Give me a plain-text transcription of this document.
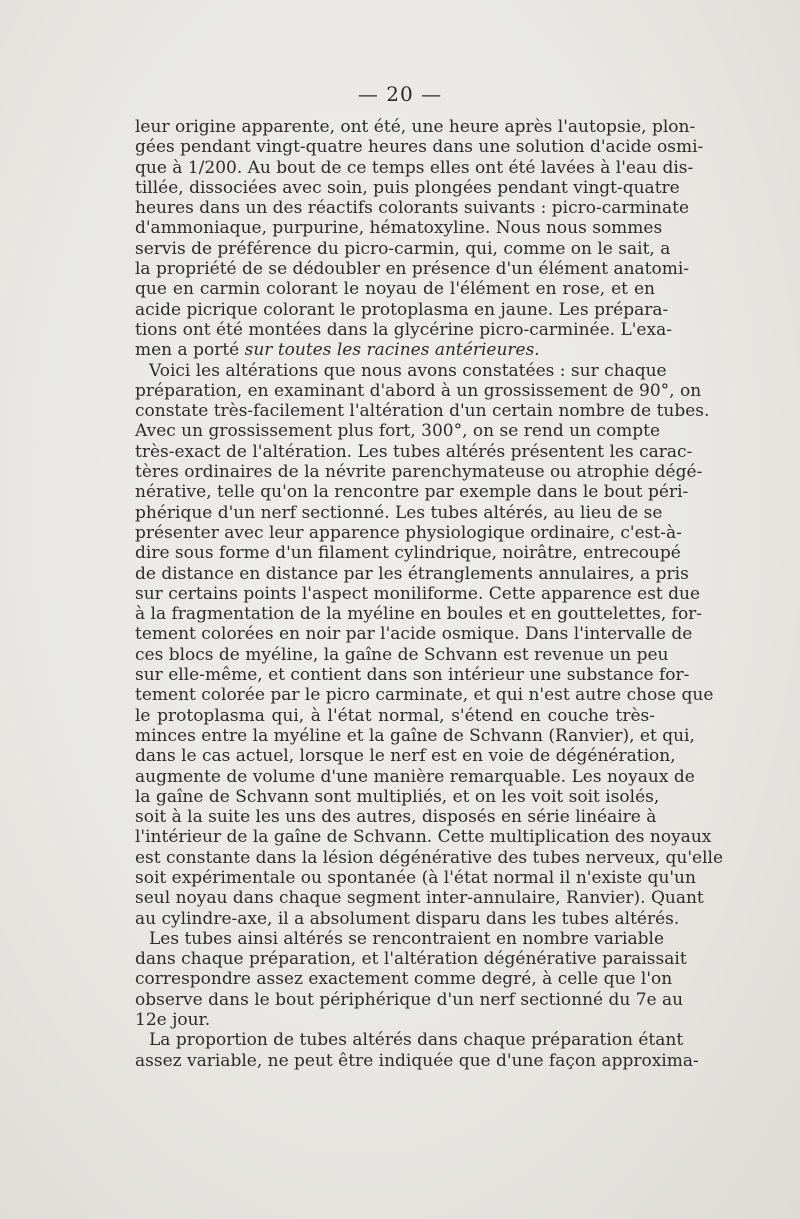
— 20 —
leur origine apparente, ont été, une heure après l'autopsie, plon-
gées pendant vingt-quatre heures dans une solution d'acide osmi-
que à 1/200. Au bout de ce temps elles ont été lavées à l'eau dis-
tillée, dissociées avec soin, puis plongées pendant vingt-quatre
heures dans un des réactifs colorants suivants : picro-carminate
d'ammoniaque, purpurine, hématoxyline. Nous nous sommes
servis de préférence du picro-carmin, qui, comme on le sait, a
la propriété de se dédoubler en présence d'un élément anatomi-
que en carmin colorant le noyau de l'élément en rose, et en
acide picrique colorant le protoplasma en jaune. Les prépara-
tions ont été montées dans la glycérine picro-carminée. L'exa-
men a porté sur toutes les racines antérieures.
Voici les altérations que nous avons constatées : sur chaque
préparation, en examinant d'abord à un grossissement de 90°, on
constate très-facilement l'altération d'un certain nombre de tubes.
Avec un grossissement plus fort, 300°, on se rend un compte
très-exact de l'altération. Les tubes altérés présentent les carac-
tères ordinaires de la névrite parenchymateuse ou atrophie dégé-
nérative, telle qu'on la rencontre par exemple dans le bout péri-
phérique d'un nerf sectionné. Les tubes altérés, au lieu de se
présenter avec leur apparence physiologique ordinaire, c'est-à-
dire sous forme d'un filament cylindrique, noirâtre, entrecoupé
de distance en distance par les étranglements annulaires, a pris
sur certains points l'aspect moniliforme. Cette apparence est due
à la fragmentation de la myéline en boules et en gouttelettes, for-
tement colorées en noir par l'acide osmique. Dans l'intervalle de
ces blocs de myéline, la gaîne de Schvann est revenue un peu
sur elle-même, et contient dans son intérieur une substance for-
tement colorée par le picro carminate, et qui n'est autre chose que
le protoplasma qui, à l'état normal, s'étend en couche très-
minces entre la myéline et la gaîne de Schvann (Ranvier), et qui,
dans le cas actuel, lorsque le nerf est en voie de dégénération,
augmente de volume d'une manière remarquable. Les noyaux de
la gaîne de Schvann sont multipliés, et on les voit soit isolés,
soit à la suite les uns des autres, disposés en série linéaire à
l'intérieur de la gaîne de Schvann. Cette multiplication des noyaux
est constante dans la lésion dégénérative des tubes nerveux, qu'elle
soit expérimentale ou spontanée (à l'état normal il n'existe qu'un
seul noyau dans chaque segment inter-annulaire, Ranvier). Quant
au cylindre-axe, il a absolument disparu dans les tubes altérés.
Les tubes ainsi altérés se rencontraient en nombre variable
dans chaque préparation, et l'altération dégénérative paraissait
correspondre assez exactement comme degré, à celle que l'on
observe dans le bout périphérique d'un nerf sectionné du 7e au
12e jour.
La proportion de tubes altérés dans chaque préparation étant
assez variable, ne peut être indiquée que d'une façon approxima-
